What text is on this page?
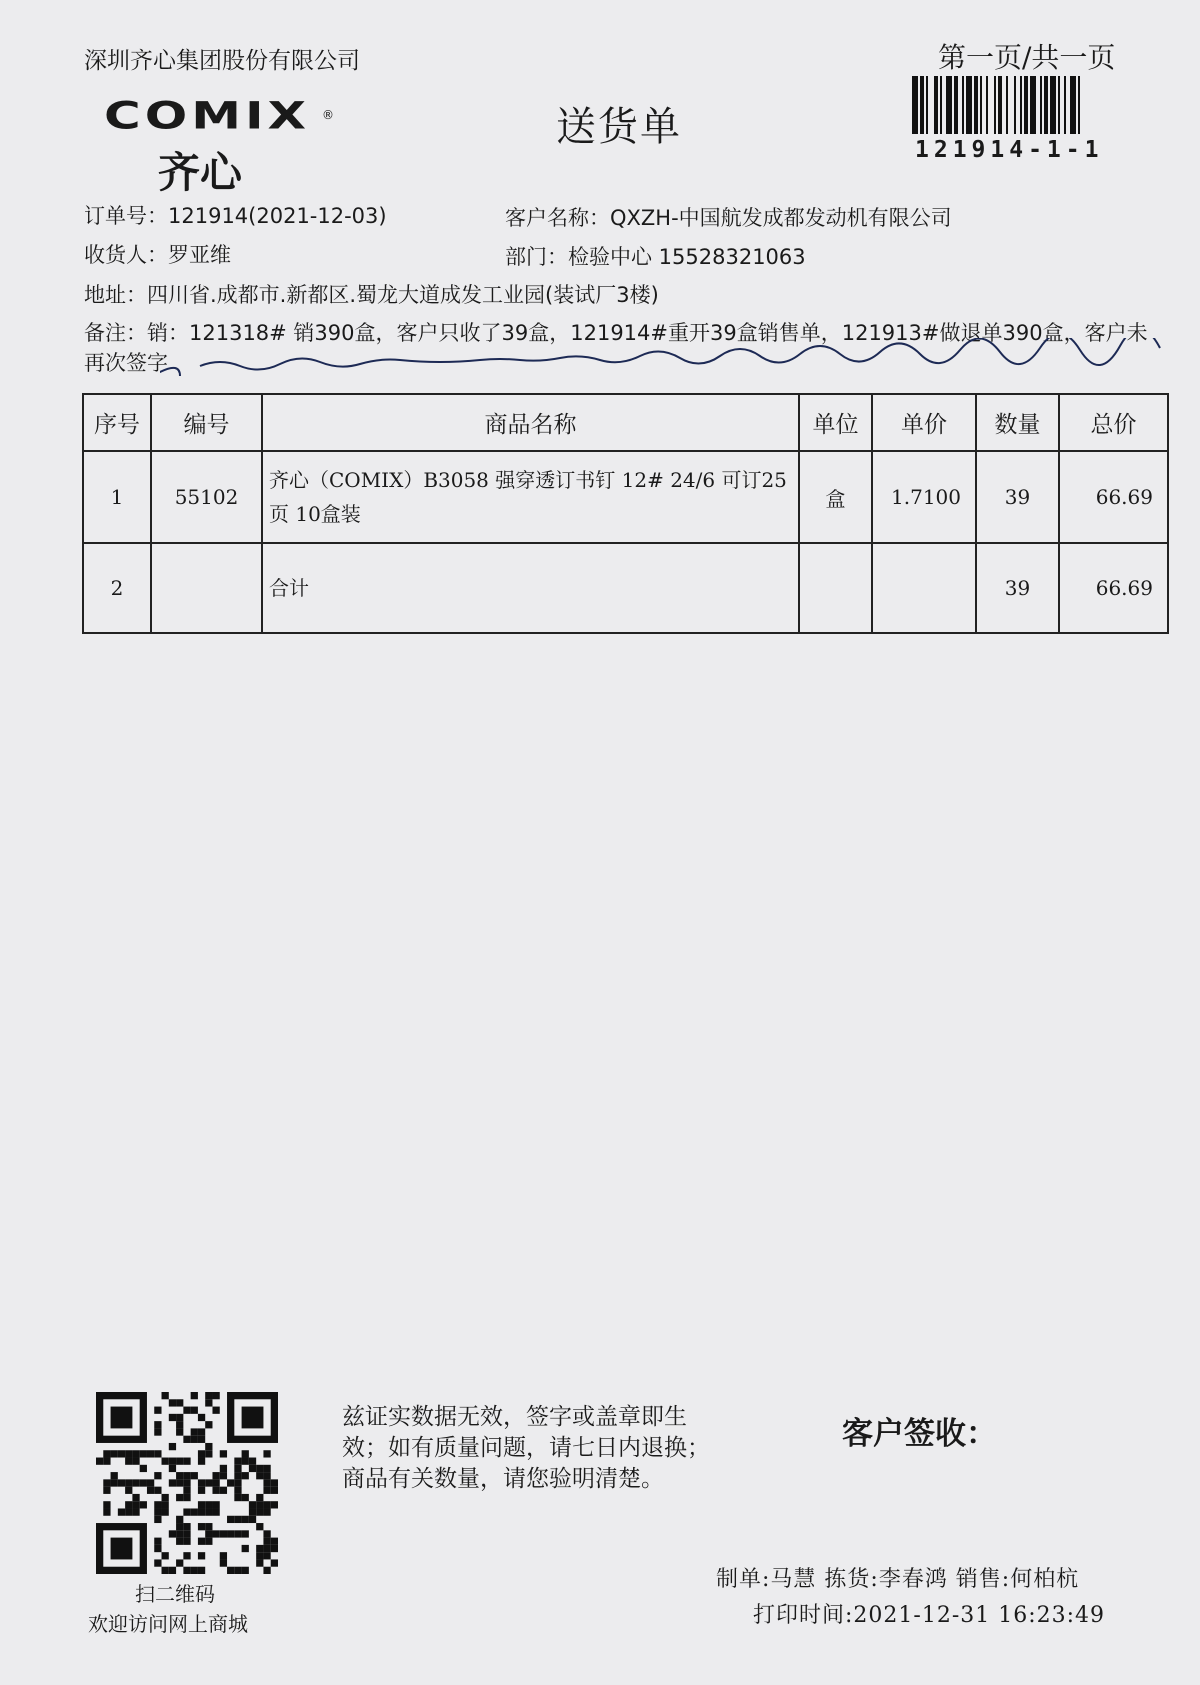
深圳齐心集团股份有限公司	第一页/共一页
COMIX ®
齐心
送货单	121914-1-1
订单号：121914(2021-12-03)	客户名称：QXZH-中国航发成都发动机有限公司
收货人：罗亚维	部门：检验中心 15528321063
地址：四川省.成都市.新都区.蜀龙大道成发工业园(装试厂3楼)
备注：销：121318# 销390盒，客户只收了39盒，121914#重开39盒销售单，121913#做退单390盒，客户未再次签字
序号	编号	商品名称	单位	单价	数量	总价
1	55102	齐心（COMIX）B3058 强穿透订书钉 12# 24/6 可订25页 10盒装	盒	1.7100	39	66.69
2		合计			39	66.69
扫二维码
欢迎访问网上商城
兹证实数据无效，签字或盖章即生
效；如有质量问题，请七日内退换；
商品有关数量，请您验明清楚。
客户签收：
制单:马慧 拣货:李春鸿 销售:何柏杭
打印时间:2021-12-31 16:23:49
